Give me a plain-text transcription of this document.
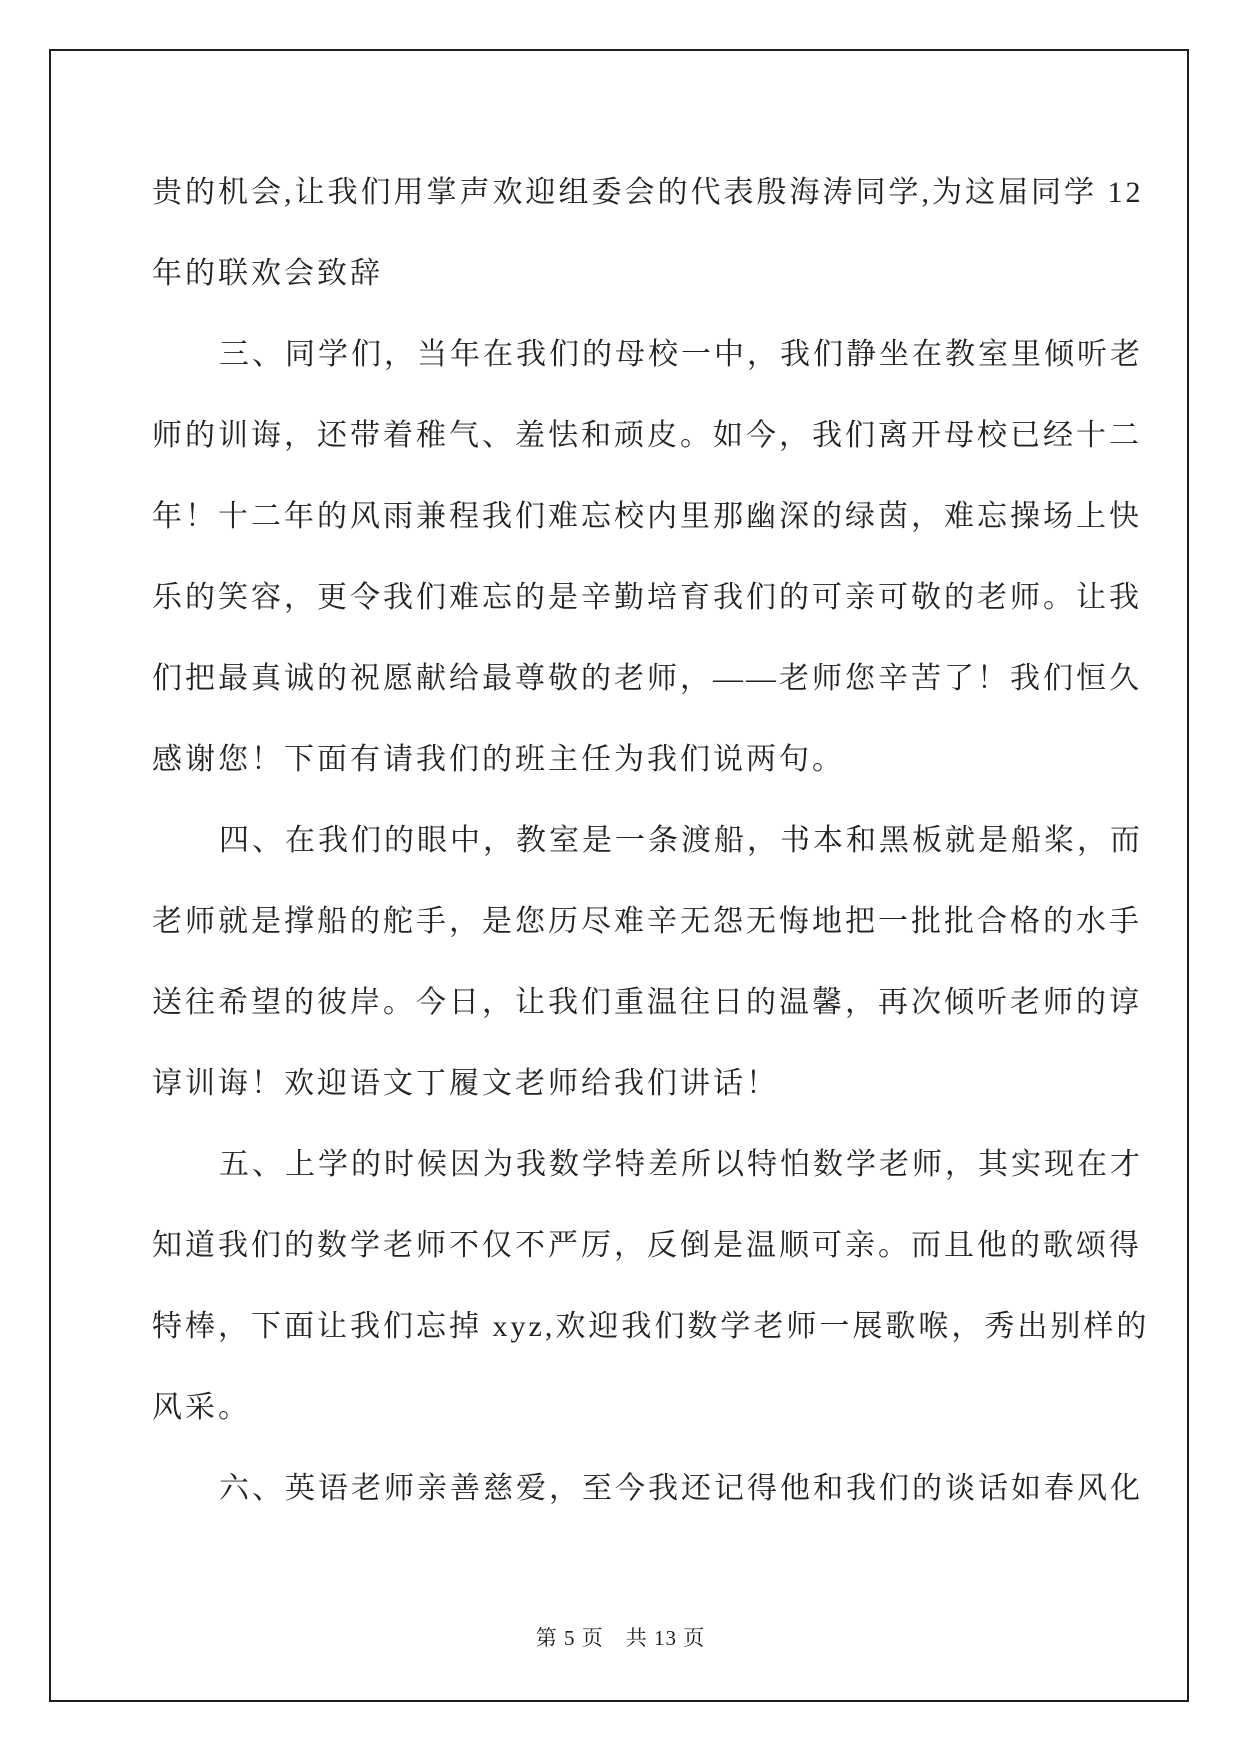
贵的机会,让我们用掌声欢迎组委会的代表殷海涛同学,为这届同学 12
年的联欢会致辞
三、同学们，当年在我们的母校一中，我们静坐在教室里倾听老
师的训诲，还带着稚气、羞怯和顽皮。如今，我们离开母校已经十二
年！十二年的风雨兼程我们难忘校内里那幽深的绿茵，难忘操场上快
乐的笑容，更令我们难忘的是辛勤培育我们的可亲可敬的老师。让我
们把最真诚的祝愿献给最尊敬的老师，——老师您辛苦了！我们恒久
感谢您！下面有请我们的班主任为我们说两句。
四、在我们的眼中，教室是一条渡船，书本和黑板就是船桨，而
老师就是撑船的舵手，是您历尽难辛无怨无悔地把一批批合格的水手
送往希望的彼岸。今日，让我们重温往日的温馨，再次倾听老师的谆
谆训诲！欢迎语文丁履文老师给我们讲话！
五、上学的时候因为我数学特差所以特怕数学老师，其实现在才
知道我们的数学老师不仅不严厉，反倒是温顺可亲。而且他的歌颂得
特棒，下面让我们忘掉 xyz,欢迎我们数学老师一展歌喉，秀出别样的
风采。
六、英语老师亲善慈爱，至今我还记得他和我们的谈话如春风化
第 5 页　共 13 页
